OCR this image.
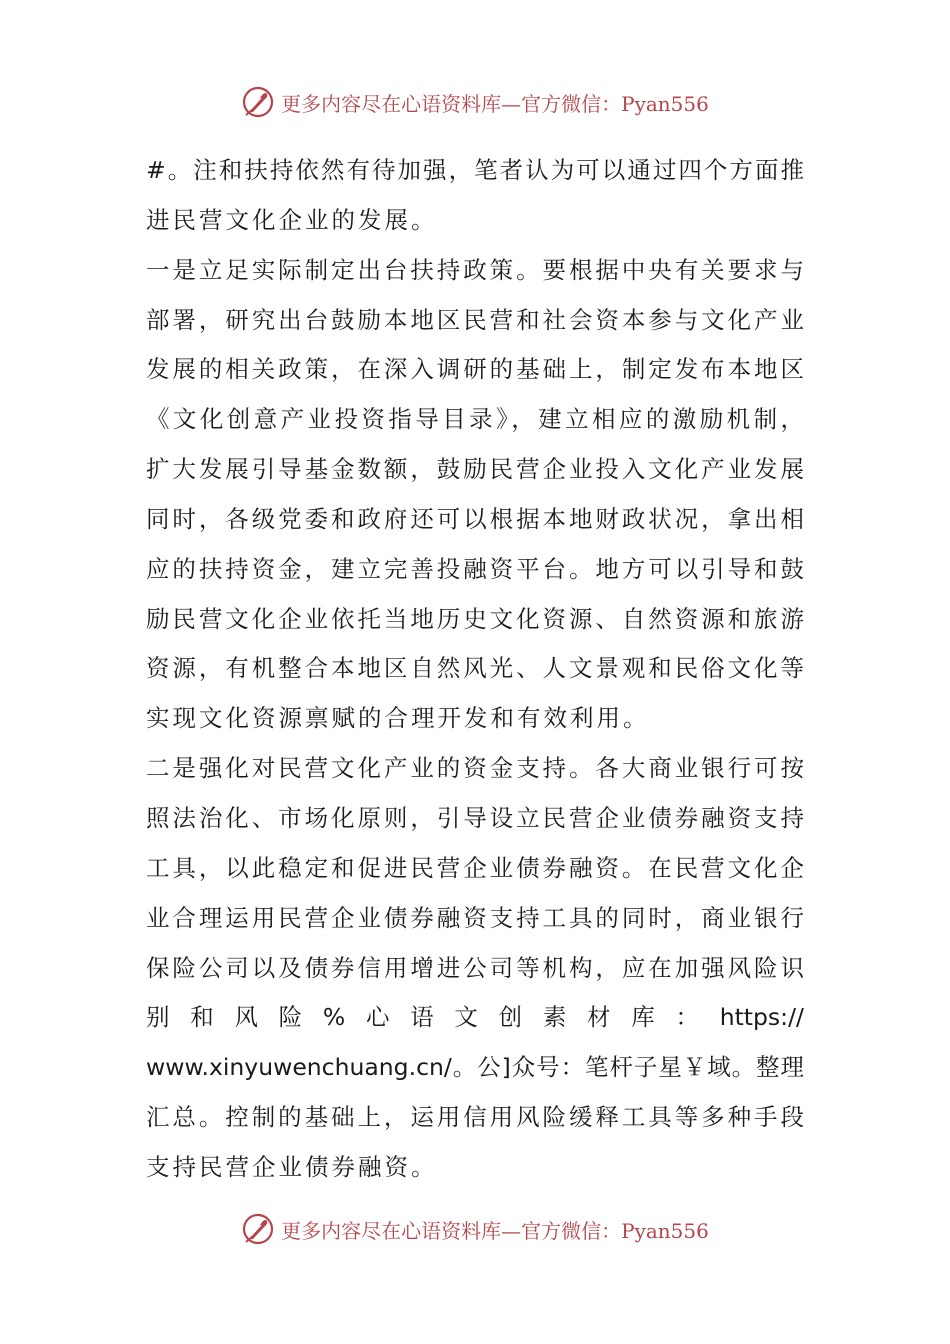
更多内容尽在心语资料库—官方微信：Pyan556
#。注和扶持依然有待加强，笔者认为可以通过四个方面推
进民营文化企业的发展。
一是立足实际制定出台扶持政策。要根据中央有关要求与
部署，研究出台鼓励本地区民营和社会资本参与文化产业
发展的相关政策，在深入调研的基础上，制定发布本地区
《文化创意产业投资指导目录》，建立相应的激励机制，
扩大发展引导基金数额，鼓励民营企业投入文化产业发展
同时，各级党委和政府还可以根据本地财政状况，拿出相
应的扶持资金，建立完善投融资平台。地方可以引导和鼓
励民营文化企业依托当地历史文化资源、自然资源和旅游
资源，有机整合本地区自然风光、人文景观和民俗文化等
实现文化资源禀赋的合理开发和有效利用。
二是强化对民营文化产业的资金支持。各大商业银行可按
照法治化、市场化原则，引导设立民营企业债券融资支持
工具，以此稳定和促进民营企业债券融资。在民营文化企
业合理运用民营企业债券融资支持工具的同时，商业银行
保险公司以及债券信用增进公司等机构，应在加强风险识
别 和 风 险 % 心 语 文 创 素 材 库 ： https://
www.xinyuwenchuang.cn/。公]众号：笔杆子星￥域。整理
汇总。控制的基础上，运用信用风险缓释工具等多种手段
支持民营企业债券融资。
更多内容尽在心语资料库—官方微信：Pyan556
